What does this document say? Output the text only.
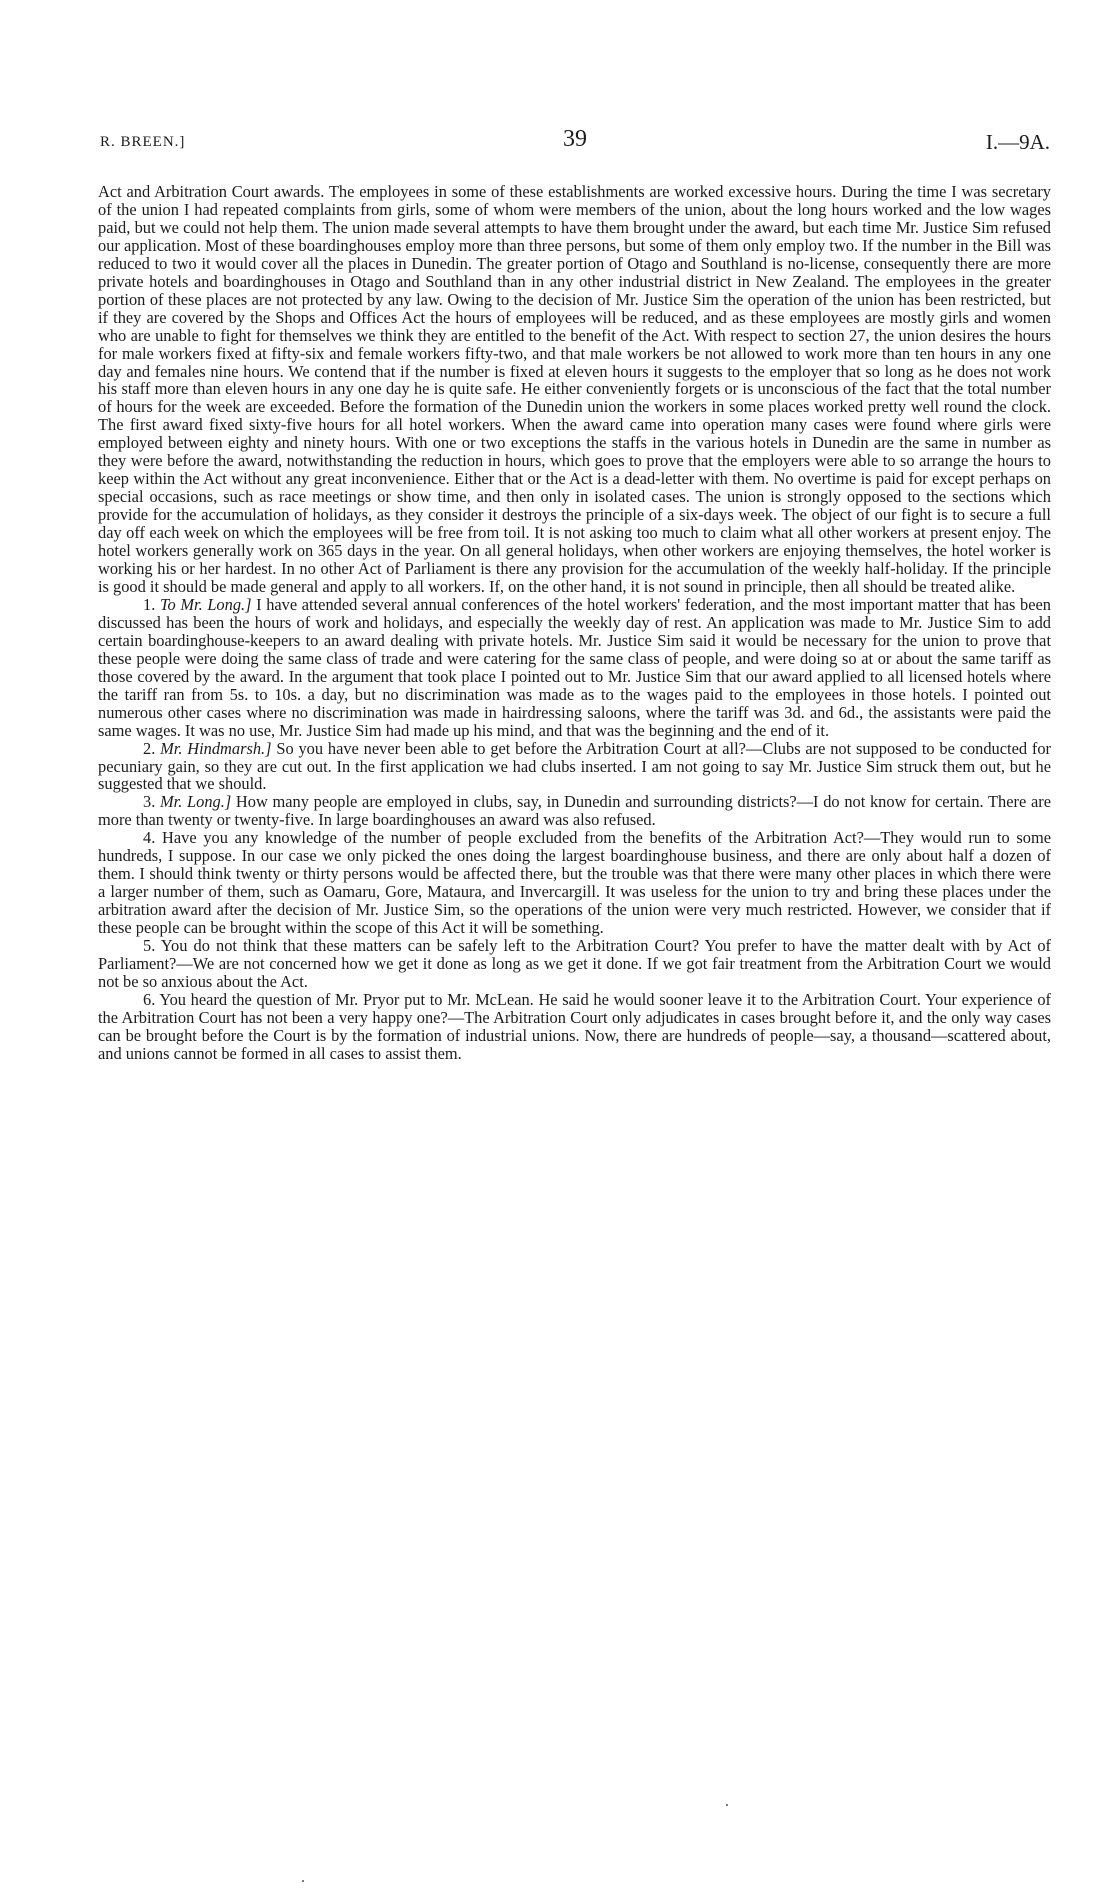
R. BREEN.]	39	I.—9A.

Act and Arbitration Court awards. The employees in some of these establishments are worked excessive hours. During the time I was secretary of the union I had repeated complaints from girls, some of whom were members of the union, about the long hours worked and the low wages paid, but we could not help them. The union made several attempts to have them brought under the award, but each time Mr. Justice Sim refused our application. Most of these boardinghouses employ more than three persons, but some of them only employ two. If the number in the Bill was reduced to two it would cover all the places in Dunedin. The greater portion of Otago and Southland is no-license, consequently there are more private hotels and boardinghouses in Otago and Southland than in any other industrial district in New Zealand. The employees in the greater portion of these places are not protected by any law. Owing to the decision of Mr. Justice Sim the operation of the union has been restricted, but if they are covered by the Shops and Offices Act the hours of employees will be reduced, and as these employees are mostly girls and women who are unable to fight for themselves we think they are entitled to the benefit of the Act. With respect to section 27, the union desires the hours for male workers fixed at fifty-six and female workers fifty-two, and that male workers be not allowed to work more than ten hours in any one day and females nine hours. We contend that if the number is fixed at eleven hours it suggests to the employer that so long as he does not work his staff more than eleven hours in any one day he is quite safe. He either conveniently forgets or is unconscious of the fact that the total number of hours for the week are exceeded. Before the formation of the Dunedin union the workers in some places worked pretty well round the clock. The first award fixed sixty-five hours for all hotel workers. When the award came into operation many cases were found where girls were employed between eighty and ninety hours. With one or two exceptions the staffs in the various hotels in Dunedin are the same in number as they were before the award, notwithstanding the reduction in hours, which goes to prove that the employers were able to so arrange the hours to keep within the Act without any great inconvenience. Either that or the Act is a dead-letter with them. No overtime is paid for except perhaps on special occasions, such as race meetings or show time, and then only in isolated cases. The union is strongly opposed to the sections which provide for the accumulation of holidays, as they consider it destroys the principle of a six-days week. The object of our fight is to secure a full day off each week on which the employees will be free from toil. It is not asking too much to claim what all other workers at present enjoy. The hotel workers generally work on 365 days in the year. On all general holidays, when other workers are enjoying themselves, the hotel worker is working his or her hardest. In no other Act of Parliament is there any provision for the accumulation of the weekly half-holiday. If the principle is good it should be made general and apply to all workers. If, on the other hand, it is not sound in principle, then all should be treated alike.

1. To Mr. Long.] I have attended several annual conferences of the hotel workers' federation, and the most important matter that has been discussed has been the hours of work and holidays, and especially the weekly day of rest. An application was made to Mr. Justice Sim to add certain boardinghouse-keepers to an award dealing with private hotels. Mr. Justice Sim said it would be necessary for the union to prove that these people were doing the same class of trade and were catering for the same class of people, and were doing so at or about the same tariff as those covered by the award. In the argument that took place I pointed out to Mr. Justice Sim that our award applied to all licensed hotels where the tariff ran from 5s. to 10s. a day, but no discrimination was made as to the wages paid to the employees in those hotels. I pointed out numerous other cases where no discrimination was made in hairdressing saloons, where the tariff was 3d. and 6d., the assistants were paid the same wages. It was no use, Mr. Justice Sim had made up his mind, and that was the beginning and the end of it.

2. Mr. Hindmarsh.] So you have never been able to get before the Arbitration Court at all?—Clubs are not supposed to be conducted for pecuniary gain, so they are cut out. In the first application we had clubs inserted. I am not going to say Mr. Justice Sim struck them out, but he suggested that we should.

3. Mr. Long.] How many people are employed in clubs, say, in Dunedin and surrounding districts?—I do not know for certain. There are more than twenty or twenty-five. In large boardinghouses an award was also refused.

4. Have you any knowledge of the number of people excluded from the benefits of the Arbitration Act?—They would run to some hundreds, I suppose. In our case we only picked the ones doing the largest boardinghouse business, and there are only about half a dozen of them. I should think twenty or thirty persons would be affected there, but the trouble was that there were many other places in which there were a larger number of them, such as Oamaru, Gore, Mataura, and Invercargill. It was useless for the union to try and bring these places under the arbitration award after the decision of Mr. Justice Sim, so the operations of the union were very much restricted. However, we consider that if these people can be brought within the scope of this Act it will be something.

5. You do not think that these matters can be safely left to the Arbitration Court? You prefer to have the matter dealt with by Act of Parliament?—We are not concerned how we get it done as long as we get it done. If we got fair treatment from the Arbitration Court we would not be so anxious about the Act.

6. You heard the question of Mr. Pryor put to Mr. McLean. He said he would sooner leave it to the Arbitration Court. Your experience of the Arbitration Court has not been a very happy one?—The Arbitration Court only adjudicates in cases brought before it, and the only way cases can be brought before the Court is by the formation of industrial unions. Now, there are hundreds of people—say, a thousand—scattered about, and unions cannot be formed in all cases to assist them.
